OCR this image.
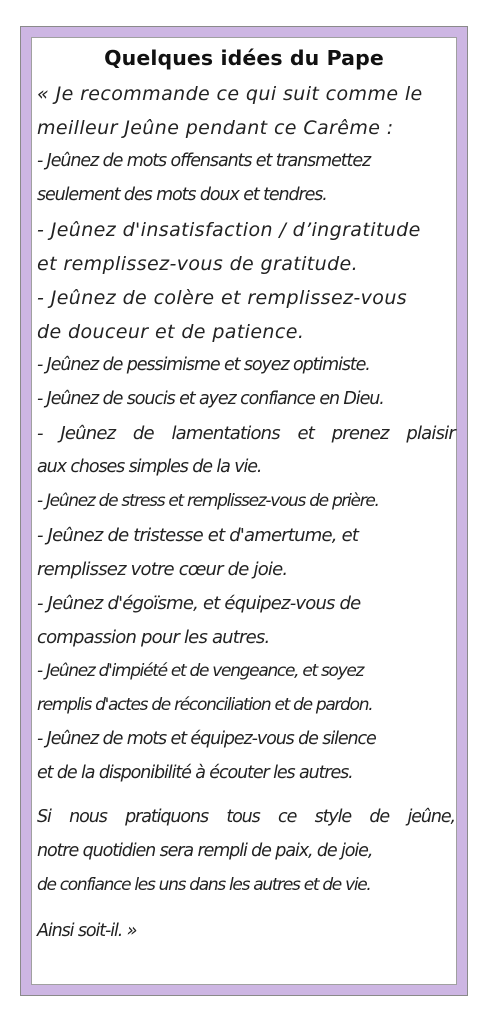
Quelques idées du Pape
« Je recommande ce qui suit comme le
meilleur Jeûne pendant ce Carême :
- Jeûnez de mots offensants et transmettez
seulement des mots doux et tendres.
- Jeûnez d'insatisfaction / d’ingratitude
et remplissez-vous de gratitude.
- Jeûnez de colère et remplissez-vous
de douceur et de patience.
- Jeûnez de pessimisme et soyez optimiste.
- Jeûnez de soucis et ayez confiance en Dieu.
- Jeûnez de lamentations et prenez plaisir
aux choses simples de la vie.
- Jeûnez de stress et remplissez-vous de prière.
- Jeûnez de tristesse et d'amertume, et
remplissez votre cœur de joie.
- Jeûnez d'égoïsme, et équipez-vous de
compassion pour les autres.
- Jeûnez d'impiété et de vengeance, et soyez
remplis d'actes de réconciliation et de pardon.
- Jeûnez de mots et équipez-vous de silence
et de la disponibilité à écouter les autres.
Si nous pratiquons tous ce style de jeûne,
notre quotidien sera rempli de paix, de joie,
de confiance les uns dans les autres et de vie.
Ainsi soit-il. »
